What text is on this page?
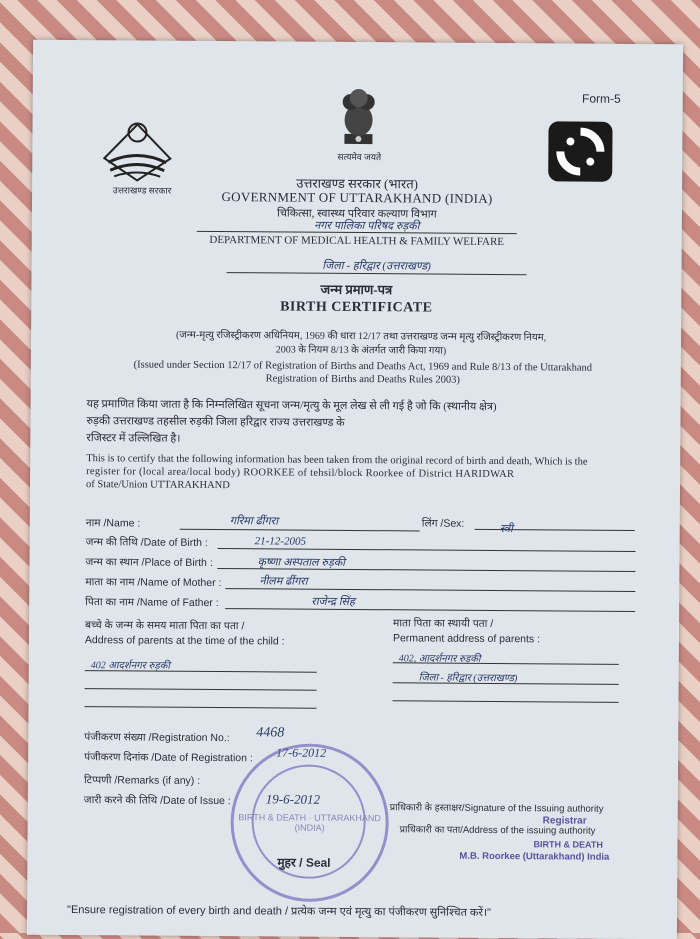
Form-5
उत्तराखण्ड सरकार
सत्यमेव जयते
उत्तराखण्ड सरकार (भारत)
GOVERNMENT OF UTTARAKHAND (INDIA)
चिकित्सा, स्वास्थ्य परिवार कल्याण विभाग
नगर पालिका परिषद रुड़की
DEPARTMENT OF MEDICAL HEALTH & FAMILY WELFARE
जिला - हरिद्वार (उत्तराखण्ड)
जन्म प्रमाण-पत्र
BIRTH CERTIFICATE
(जन्म-मृत्यु रजिस्ट्रीकरण अधिनियम, 1969 की धारा 12/17 तथा उत्तराखण्ड जन्म मृत्यु रजिस्ट्रीकरण नियम,
2003 के नियम 8/13 के अंतर्गत जारी किया गया)
(Issued under Section 12/17 of Registration of Births and Deaths Act, 1969 and Rule 8/13 of the Uttarakhand
Registration of Births and Deaths Rules 2003)
यह प्रमाणित किया जाता है कि निम्नलिखित सूचना जन्म/मृत्यु के मूल लेख से ली गई है जो कि (स्थानीय क्षेत्र)
रुड़की उत्तराखण्ड तहसील रुड़की जिला हरिद्वार राज्य उत्तराखण्ड के
रजिस्टर में उल्लिखित है।
This is to certify that the following information has been taken from the original record of birth and death, Which is the
register for (local area/local body) ROORKEE of tehsil/block Roorkee of District HARIDWAR
of State/Union UTTARAKHAND
नाम /Name :	गरिमा ढींगरा	लिंग /Sex:	स्त्री
जन्म की तिथि /Date of Birth :	21-12-2005
जन्म का स्थान /Place of Birth :	कृष्णा अस्पताल रुड़की
माता का नाम /Name of Mother :	नीलम ढींगरा
पिता का नाम /Name of Father :	राजेन्द्र सिंह
बच्चे के जन्म के समय माता पिता का पता /
Address of parents at the time of the child :
402 आदर्शनगर रुड़की
माता पिता का स्थायी पता /
Permanent address of parents :
402, आदर्शनगर रुड़की
जिला - हरिद्वार (उत्तराखण्ड)
पंजीकरण संख्या /Registration No.: 4468
पंजीकरण दिनांक /Date of Registration : 17-6-2012
टिप्पणी /Remarks (if any) :
जारी करने की तिथि /Date of Issue :	19-6-2012
BIRTH & DEATH · UTTARAKHAND (INDIA)
मुहर / Seal
प्राधिकारी के हस्ताक्षर/Signature of the Issuing authority
प्राधिकारी का पता/Address of the issuing authority
Registrar
BIRTH & DEATH
M.B. Roorkee (Uttarakhand) India
"Ensure registration of every birth and death / प्रत्येक जन्म एवं मृत्यु का पंजीकरण सुनिश्चित करें।"
